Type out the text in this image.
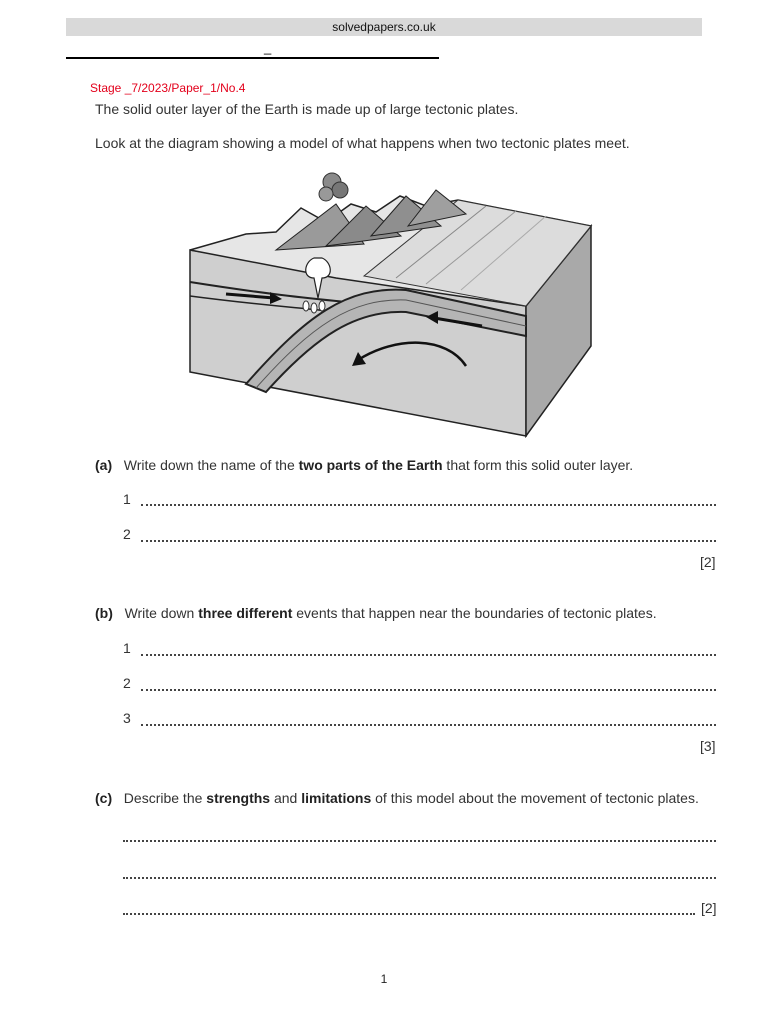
solvedpapers.co.uk
_
Stage _7/2023/Paper_1/No.4
The solid outer layer of the Earth is made up of large tectonic plates.
Look at the diagram showing a model of what happens when two tectonic plates meet.
(a) Write down the name of the two parts of the Earth that form this solid outer layer.
1
2
[2]
(b) Write down three different events that happen near the boundaries of tectonic plates.
1
2
3
[3]
(c) Describe the strengths and limitations of this model about the movement of tectonic plates.
[2]
1
